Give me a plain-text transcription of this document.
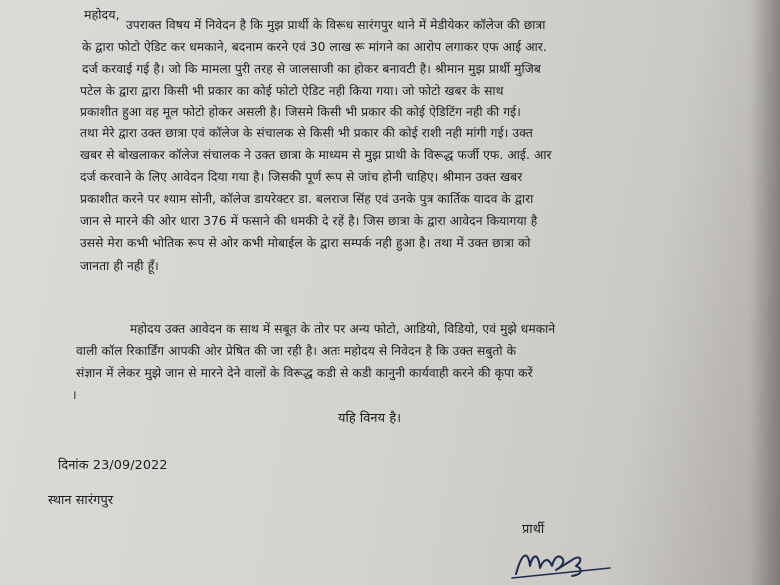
महोदय,
उपराक्त विषय में निवेदन है कि मुझ प्रार्थी के विरूध सारंगपुर थाने में मेडीयेकर कॉलेज की छात्रा
के द्वारा फोटो ऐडिट कर धमकाने, बदनाम करने एवं 30 लाख रू मांगने का आरोप लगाकर एफ आई आर.
दर्ज करवाई गई है। जो कि मामला पुरी तरह से जालसाजी का होकर बनावटी है। श्रीमान मुझ प्रार्थी मुजिब
पटेल के द्वारा द्वारा किसी भी प्रकार का कोई फोटो ऐडिट नही किया गया। जो फोटो खबर के साथ
प्रकाशीत हुआ वह मूल फोटो होकर असली है। जिसमे किसी भी प्रकार की कोई ऐडिटिंग नही की गई।
तथा मेरे द्वारा उक्त छात्रा एवं कॉलेज के संचालक से किसी भी प्रकार की कोई राशी नही मांगी गई। उक्त
खबर से बोखलाकर कॉलेज संचालक ने उक्त छात्रा के माध्यम से मुझ प्राथी के विरूद्ध फर्जी एफ. आई. आर
दर्ज करवाने के लिए आवेदन दिया गया है। जिसकी पूर्ण रूप से जांच होनी चाहिए। श्रीमान उक्त खबर
प्रकाशीत करने पर श्याम सोनी, कॉलेज डायरेक्टर डा. बलराज सिंह एवं उनके पुत्र कार्तिक यादव के द्वारा
जान से मारने की ओर धारा 376 में फसाने की धमकी दे रहें है। जिस छात्रा के द्वारा आवेदन कियागया है
उससे मेरा कभी भोतिक रूप से ओर कभी मोबाईल के द्वारा सम्पर्क नही हुआ है। तथा में उक्त छात्रा को
जानता ही नही हूँ।
महोदय उक्त आवेदन क साथ में सबूत के तोर पर अन्य फोटो, आडियो, विडियो, एवं मुझे धमकाने
वाली कॉल रिकार्डिंग आपकी ओर प्रेषित की जा रही है। अतः महोदय से निवेदन है कि उक्त सबुतो के
संज्ञान में लेकर मुझे जान से मारने देने वालों के विरूद्ध कडी से कडी कानुनी कार्यवाही करने की कृपा करें
।
यहि विनय है।
दिनांक 23/09/2022
स्थान सारंगपुर
प्रार्थी
